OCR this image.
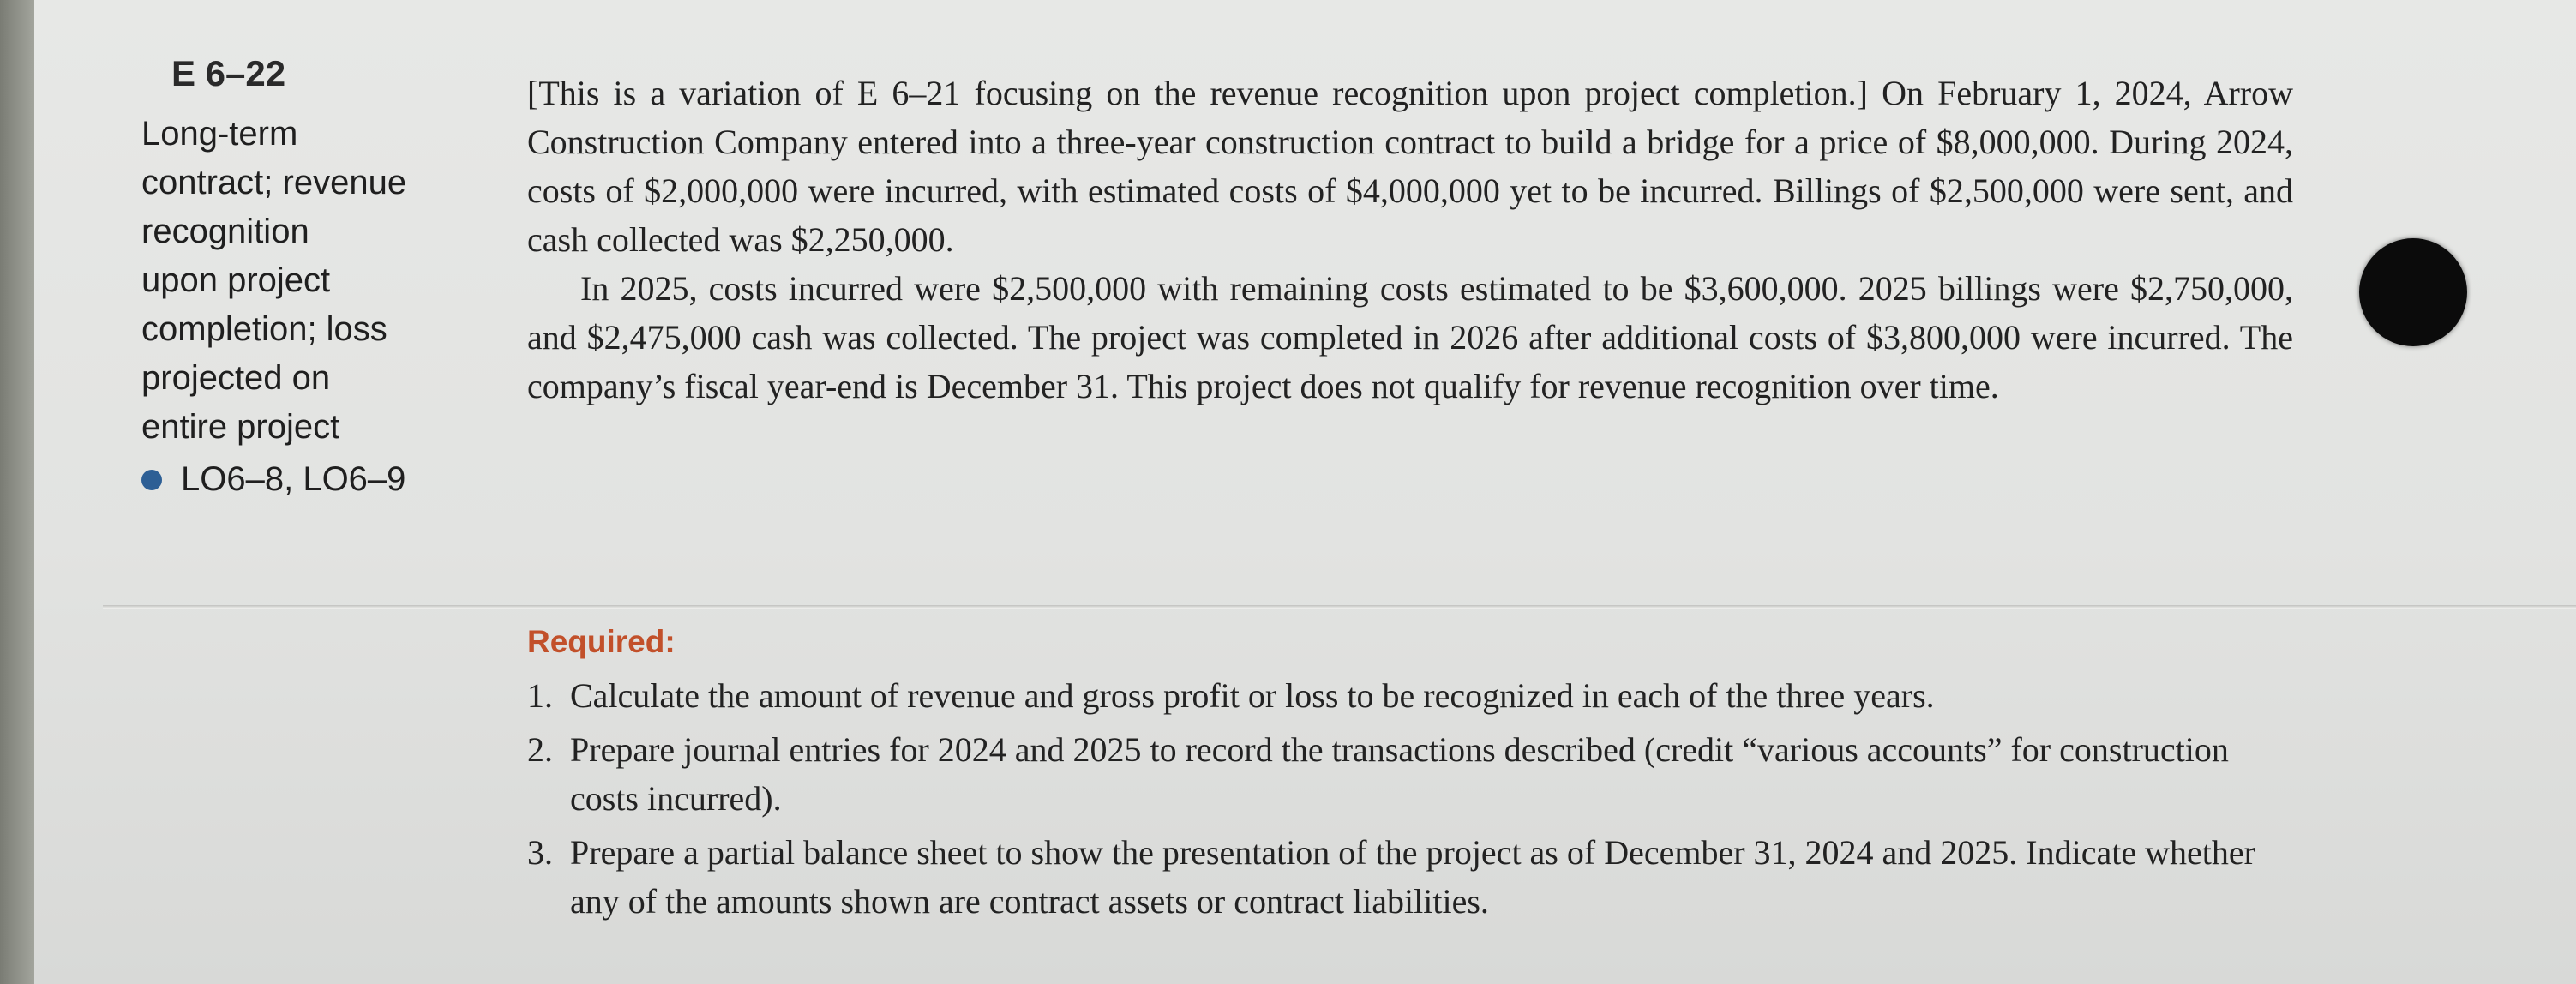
E 6–22
Long-term
contract; revenue
recognition
upon project
completion; loss
projected on
entire project
LO6–8, LO6–9

[This is a variation of E 6–21 focusing on the revenue recognition upon project completion.] On February 1, 2024, Arrow Construction Company entered into a three-year construction contract to build a bridge for a price of $8,000,000. During 2024, costs of $2,000,000 were incurred, with estimated costs of $4,000,000 yet to be incurred. Billings of $2,500,000 were sent, and cash collected was $2,250,000.

In 2025, costs incurred were $2,500,000 with remaining costs estimated to be $3,600,000. 2025 billings were $2,750,000, and $2,475,000 cash was collected. The project was completed in 2026 after additional costs of $3,800,000 were incurred. The company’s fiscal year-end is December 31. This project does not qualify for revenue recognition over time.

Required:
1. Calculate the amount of revenue and gross profit or loss to be recognized in each of the three years.
2. Prepare journal entries for 2024 and 2025 to record the transactions described (credit “various accounts” for construction costs incurred).
3. Prepare a partial balance sheet to show the presentation of the project as of December 31, 2024 and 2025. Indicate whether any of the amounts shown are contract assets or contract liabilities.
